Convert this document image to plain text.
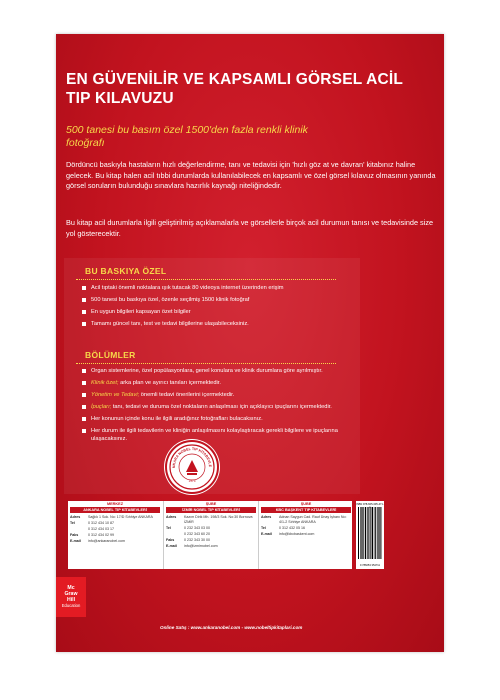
EN GÜVENİLİR VE KAPSAMLI GÖRSEL ACİL
TIP KILAVUZU
500 tanesi bu basım özel 1500'den fazla renkli klinik
fotoğrafı
Dördüncü baskıyla hastaların hızlı değerlendirme, tanı ve tedavisi için 'hızlı göz at ve davran' kitabınız haline gelecek. Bu kitap halen acil tıbbi durumlarda kullanılabilecek en kapsamlı ve özel görsel kılavuz olmasının yanında görsel soruların bulunduğu sınavlara hazırlık kaynağı niteliğindedir.
Bu kitap acil durumlarla ilgili geliştirilmiş açıklamalarla ve görsellerle birçok acil durumun tanısı ve tedavisinde size yol gösterecektir.
BU BASKIYA ÖZEL
Acil tıptaki önemli noktalara ışık tutacak 80 videoya internet üzerinden erişim
500 tanesi bu baskıya özel, özenle seçilmiş 1500 klinik fotoğraf
En uygun bilgileri kapsayan özet bilgiler
Tamamı güncel tanı, test ve tedavi bilgilerine ulaşabileceksiniz.
BÖLÜMLER
Organ sistemlerine, özel popülasyonlara, genel konulara ve klinik durumlara göre ayrılmıştır.
Klinik özet; arka plan ve ayırıcı tanıları içermektedir.
Yönetim ve Tedavi; önemli tedavi önerilerini içermektedir.
İpuçları; tanı, tedavi ve duruma özel noktaların anlaşılması için açıklayıcı ipuçlarını içermektedir.
Her konunun içinde konu ile ilgili aradığınız fotoğrafları bulacaksınız.
Her durum ile ilgili tedavilerin ve kliniğin anlaşılmasını kolaylaştıracak gerekli bilgilere ve ipuçlarına ulaşacaksınız.
NKARA NOBEL TIP KİTABEVLE
1975
MERKEZ
ANKARA NOBEL TIP KİTABEVLERİ
Adres Sağlık 1 Sok. No: 17/D Sıhhiye ANKARA
Tel	0 312 434 10 87
0 312 434 03 17
Faks	0 312 434 02 99
E-mail info@ankaranobel.com
ŞUBE
İZMİR NOBEL TIP KİTABEVLERİ
Adres Kazım Dirik Mh. 198/3 Sok. No:30 Bornova İZMİR
Tel	0 232 343 03 00
0 232 343 60 20
Faks	0 232 343 30 00
E-mail info@izmirnobel.com
ŞUBE
KBC BAŞKENT TIP KİTABEVLERİ
Adres Adnan Saygun Cad. Rauf Ünay İşhanı No: 4/1-2 Sıhhiye ANKARA
Tel	0 312 432 05 16
E-mail info@kbcbaskent.com
ISBN 978-605-335-471-1
9 786053 354711
Mc
Graw
Hill
Education
Online Satış : www.ankaranobel.com - www.nobeltipkitaplari.com
